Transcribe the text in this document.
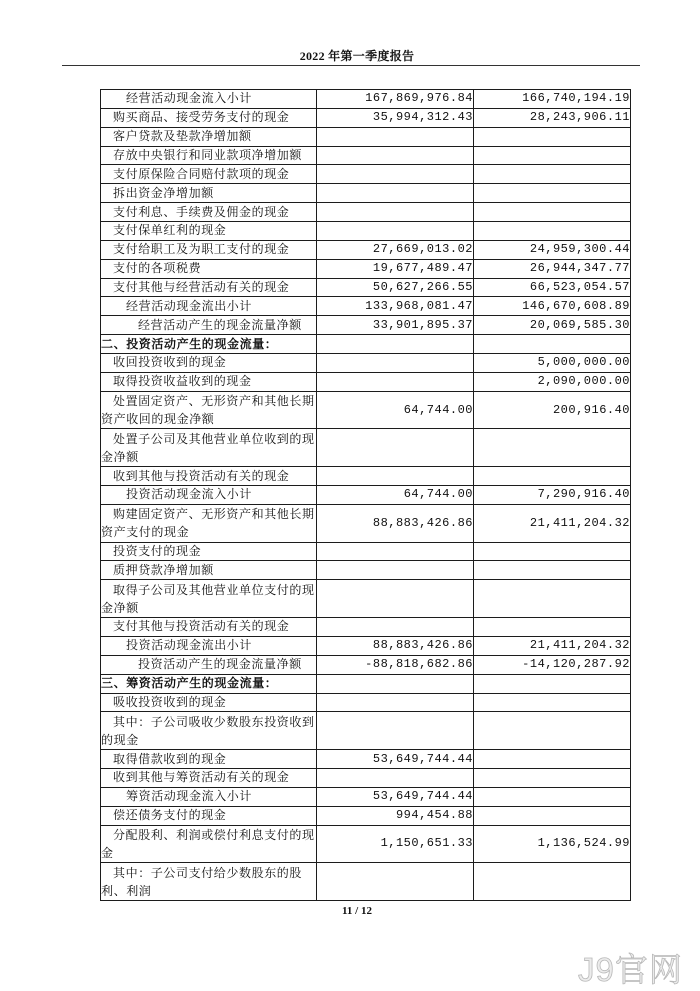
2022 年第一季度报告
经营活动现金流入小计	167,869,976.84	166,740,194.19
购买商品、接受劳务支付的现金	35,994,312.43	28,243,906.11
客户贷款及垫款净增加额		
存放中央银行和同业款项净增加额		
支付原保险合同赔付款项的现金		
拆出资金净增加额		
支付利息、手续费及佣金的现金		
支付保单红利的现金		
支付给职工及为职工支付的现金	27,669,013.02	24,959,300.44
支付的各项税费	19,677,489.47	26,944,347.77
支付其他与经营活动有关的现金	50,627,266.55	66,523,054.57
经营活动现金流出小计	133,968,081.47	146,670,608.89
经营活动产生的现金流量净额	33,901,895.37	20,069,585.30
二、投资活动产生的现金流量：		
收回投资收到的现金		5,000,000.00
取得投资收益收到的现金		2,090,000.00
处置固定资产、无形资产和其他长期资产收回的现金净额	64,744.00	200,916.40
处置子公司及其他营业单位收到的现金净额		
收到其他与投资活动有关的现金		
投资活动现金流入小计	64,744.00	7,290,916.40
购建固定资产、无形资产和其他长期资产支付的现金	88,883,426.86	21,411,204.32
投资支付的现金		
质押贷款净增加额		
取得子公司及其他营业单位支付的现金净额		
支付其他与投资活动有关的现金		
投资活动现金流出小计	88,883,426.86	21,411,204.32
投资活动产生的现金流量净额	-88,818,682.86	-14,120,287.92
三、筹资活动产生的现金流量：		
吸收投资收到的现金		
其中：子公司吸收少数股东投资收到的现金		
取得借款收到的现金	53,649,744.44	
收到其他与筹资活动有关的现金		
筹资活动现金流入小计	53,649,744.44	
偿还债务支付的现金	994,454.88	
分配股利、利润或偿付利息支付的现金	1,150,651.33	1,136,524.99
其中：子公司支付给少数股东的股利、利润		
11 / 12
J9官网
